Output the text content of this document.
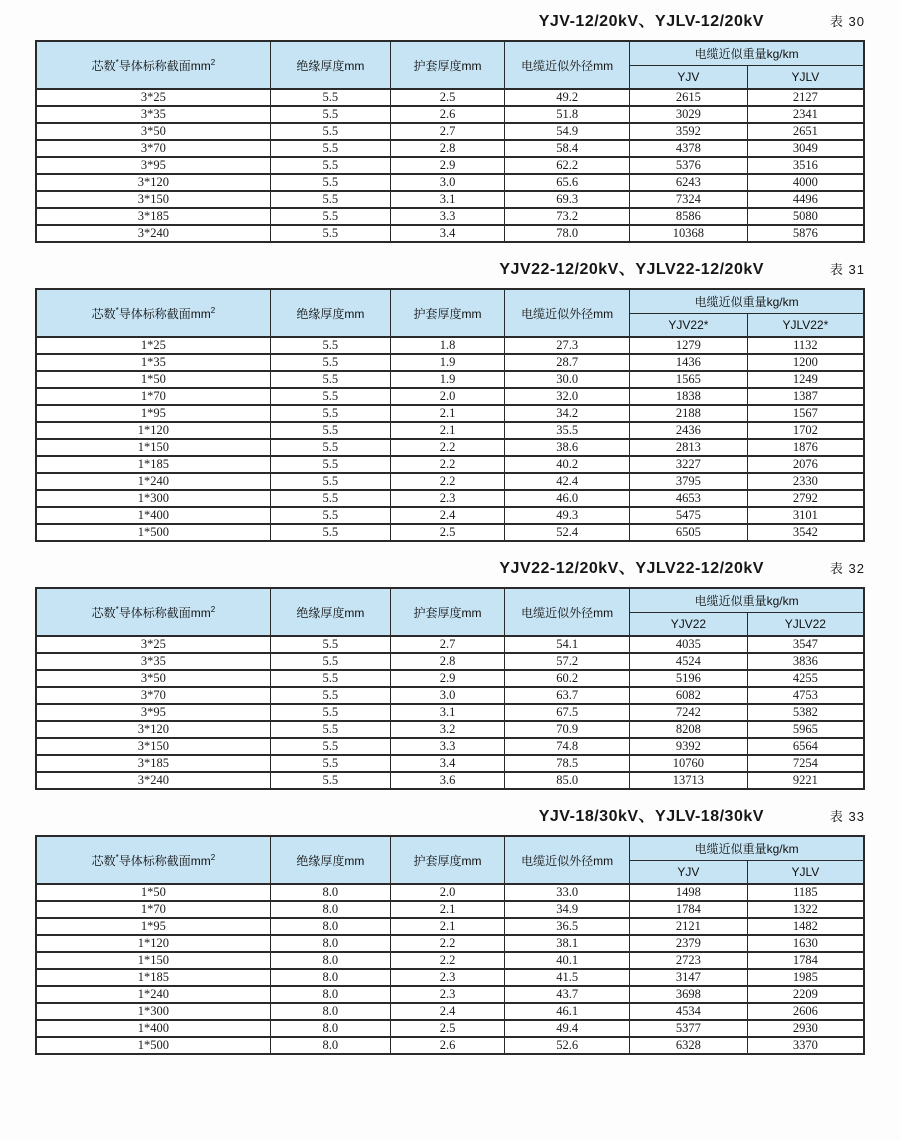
YJV-12/20kV、YJLV-12/20kV	表 30
芯数*导体标称截面$mm^2$	绝缘厚度mm	护套厚度mm	电缆近似外径mm	电缆近似重量kg/km	
				YJV	YJLV
3*25	5.5	2.5	49.2	2615	2127
3*35	5.5	2.6	51.8	3029	2341
3*50	5.5	2.7	54.9	3592	2651
3*70	5.5	2.8	58.4	4378	3049
3*95	5.5	2.9	62.2	5376	3516
3*120	5.5	3.0	65.6	6243	4000
3*150	5.5	3.1	69.3	7324	4496
3*185	5.5	3.3	73.2	8586	5080
3*240	5.5	3.4	78.0	10368	5876
YJV22-12/20kV、YJLV22-12/20kV	表 31
芯数*导体标称截面$mm^2$	绝缘厚度mm	护套厚度mm	电缆近似外径mm	电缆近似重量kg/km	
				YJV22*	YJLV22*
1*25	5.5	1.8	27.3	1279	1132
1*35	5.5	1.9	28.7	1436	1200
1*50	5.5	1.9	30.0	1565	1249
1*70	5.5	2.0	32.0	1838	1387
1*95	5.5	2.1	34.2	2188	1567
1*120	5.5	2.1	35.5	2436	1702
1*150	5.5	2.2	38.6	2813	1876
1*185	5.5	2.2	40.2	3227	2076
1*240	5.5	2.2	42.4	3795	2330
1*300	5.5	2.3	46.0	4653	2792
1*400	5.5	2.4	49.3	5475	3101
1*500	5.5	2.5	52.4	6505	3542
YJV22-12/20kV、YJLV22-12/20kV	表 32
芯数*导体标称截面$mm^2$	绝缘厚度mm	护套厚度mm	电缆近似外径mm	电缆近似重量kg/km	
				YJV22	YJLV22
3*25	5.5	2.7	54.1	4035	3547
3*35	5.5	2.8	57.2	4524	3836
3*50	5.5	2.9	60.2	5196	4255
3*70	5.5	3.0	63.7	6082	4753
3*95	5.5	3.1	67.5	7242	5382
3*120	5.5	3.2	70.9	8208	5965
3*150	5.5	3.3	74.8	9392	6564
3*185	5.5	3.4	78.5	10760	7254
3*240	5.5	3.6	85.0	13713	9221
YJV-18/30kV、YJLV-18/30kV	表 33
芯数*导体标称截面$mm^2$	绝缘厚度mm	护套厚度mm	电缆近似外径mm	电缆近似重量kg/km	
				YJV	YJLV
1*50	8.0	2.0	33.0	1498	1185
1*70	8.0	2.1	34.9	1784	1322
1*95	8.0	2.1	36.5	2121	1482
1*120	8.0	2.2	38.1	2379	1630
1*150	8.0	2.2	40.1	2723	1784
1*185	8.0	2.3	41.5	3147	1985
1*240	8.0	2.3	43.7	3698	2209
1*300	8.0	2.4	46.1	4534	2606
1*400	8.0	2.5	49.4	5377	2930
1*500	8.0	2.6	52.6	6328	3370
